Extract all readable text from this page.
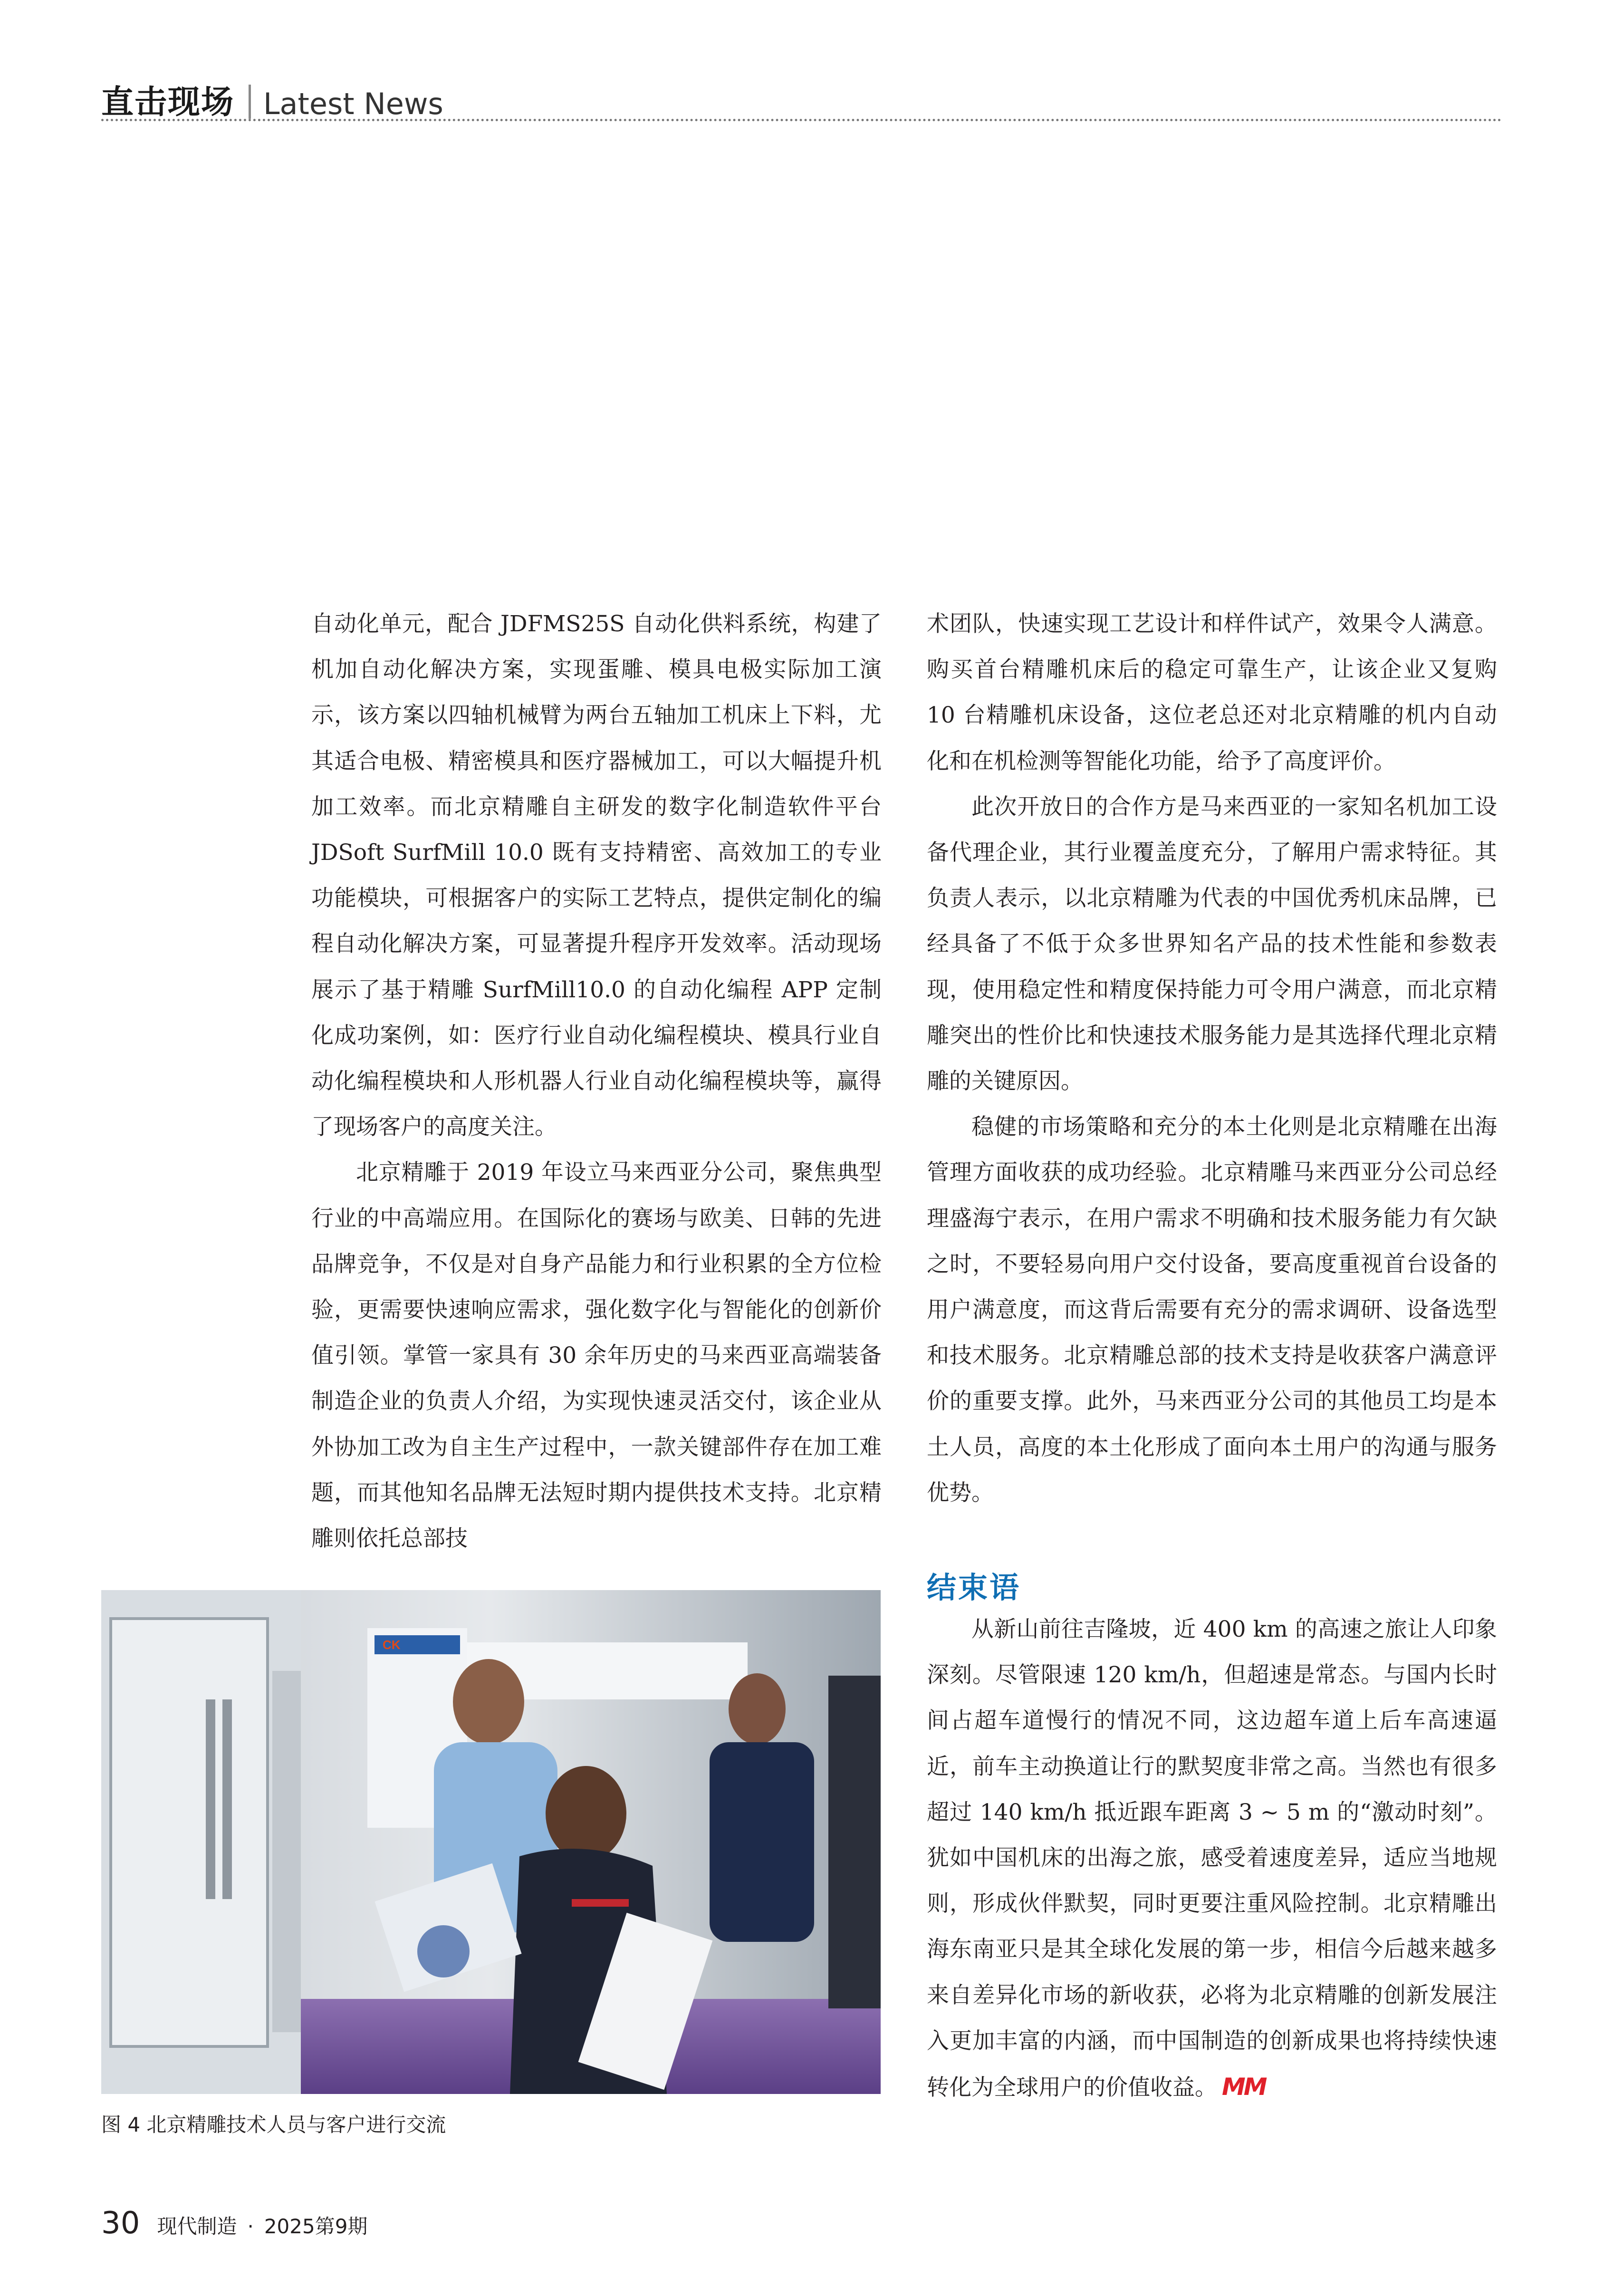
直击现场 Latest News

自动化单元，配合 JDFMS25S 自动化供料系统，构建了机加自动化解决方案，实现蛋雕、模具电极实际加工演示，该方案以四轴机械臂为两台五轴加工机床上下料，尤其适合电极、精密模具和医疗器械加工，可以大幅提升机加工效率。而北京精雕自主研发的数字化制造软件平台 JDSoft SurfMill 10.0 既有支持精密、高效加工的专业功能模块，可根据客户的实际工艺特点，提供定制化的编程自动化解决方案，可显著提升程序开发效率。活动现场展示了基于精雕 SurfMill10.0 的自动化编程 APP 定制化成功案例，如：医疗行业自动化编程模块、模具行业自动化编程模块和人形机器人行业自动化编程模块等，赢得了现场客户的高度关注。

北京精雕于 2019 年设立马来西亚分公司，聚焦典型行业的中高端应用。在国际化的赛场与欧美、日韩的先进品牌竞争，不仅是对自身产品能力和行业积累的全方位检验，更需要快速响应需求，强化数字化与智能化的创新价值引领。掌管一家具有 30 余年历史的马来西亚高端装备制造企业的负责人介绍，为实现快速灵活交付，该企业从外协加工改为自主生产过程中，一款关键部件存在加工难题，而其他知名品牌无法短时期内提供技术支持。北京精雕则依托总部技

术团队，快速实现工艺设计和样件试产，效果令人满意。购买首台精雕机床后的稳定可靠生产，让该企业又复购 10 台精雕机床设备，这位老总还对北京精雕的机内自动化和在机检测等智能化功能，给予了高度评价。

此次开放日的合作方是马来西亚的一家知名机加工设备代理企业，其行业覆盖度充分，了解用户需求特征。其负责人表示，以北京精雕为代表的中国优秀机床品牌，已经具备了不低于众多世界知名产品的技术性能和参数表现，使用稳定性和精度保持能力可令用户满意，而北京精雕突出的性价比和快速技术服务能力是其选择代理北京精雕的关键原因。

稳健的市场策略和充分的本土化则是北京精雕在出海管理方面收获的成功经验。北京精雕马来西亚分公司总经理盛海宁表示，在用户需求不明确和技术服务能力有欠缺之时，不要轻易向用户交付设备，要高度重视首台设备的用户满意度，而这背后需要有充分的需求调研、设备选型和技术服务。北京精雕总部的技术支持是收获客户满意评价的重要支撑。此外，马来西亚分公司的其他员工均是本土人员，高度的本土化形成了面向本土用户的沟通与服务优势。

结束语

从新山前往吉隆坡，近 400 km 的高速之旅让人印象深刻。尽管限速 120 km/h，但超速是常态。与国内长时间占超车道慢行的情况不同，这边超车道上后车高速逼近，前车主动换道让行的默契度非常之高。当然也有很多超过 140 km/h 抵近跟车距离 3 ~ 5 m 的“激动时刻”。犹如中国机床的出海之旅，感受着速度差异，适应当地规则，形成伙伴默契，同时更要注重风险控制。北京精雕出海东南亚只是其全球化发展的第一步，相信今后越来越多来自差异化市场的新收获，必将为北京精雕的创新发展注入更加丰富的内涵，而中国制造的创新成果也将持续快速转化为全球用户的价值收益。 MM

CK
图 4 北京精雕技术人员与客户进行交流
30 现代制造 · 2025第9期
